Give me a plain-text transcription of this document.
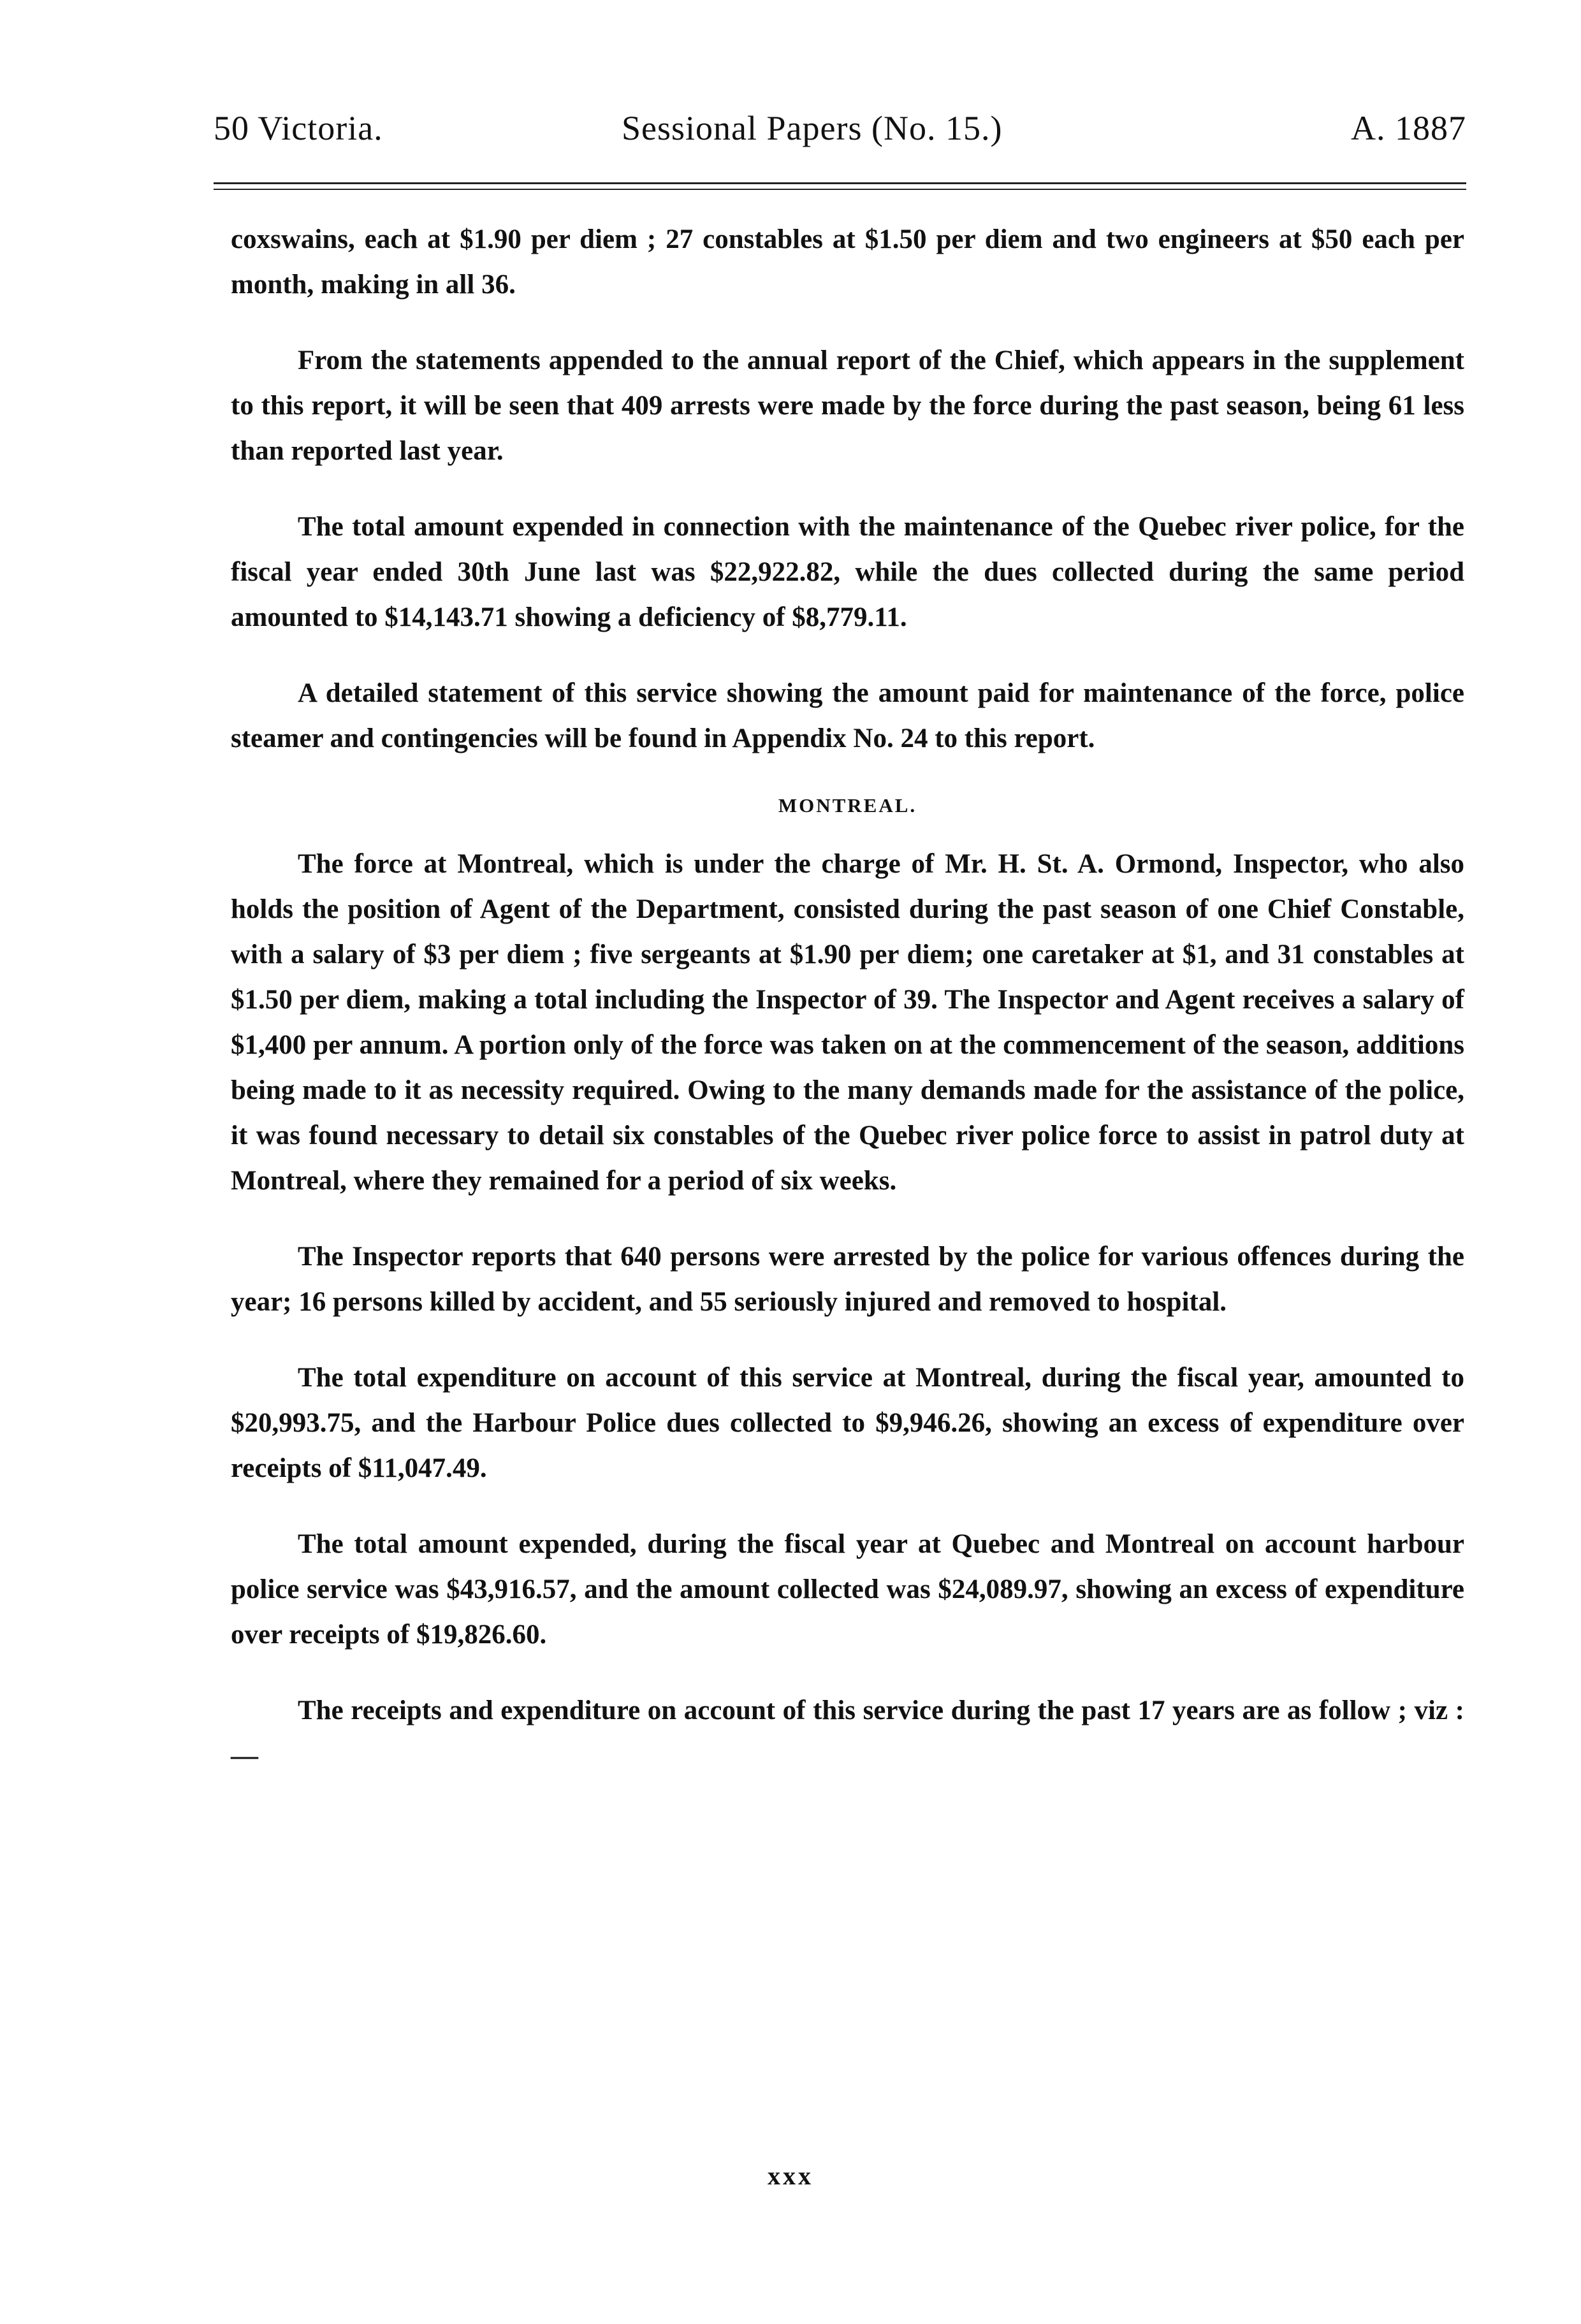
50 Victoria.	Sessional Papers (No. 15.)	A. 1887

coxswains, each at $1.90 per diem ; 27 constables at $1.50 per diem and two engineers at $50 each per month, making in all 36.

From the statements appended to the annual report of the Chief, which appears in the supplement to this report, it will be seen that 409 arrests were made by the force during the past season, being 61 less than reported last year.

The total amount expended in connection with the maintenance of the Quebec river police, for the fiscal year ended 30th June last was $22,922.82, while the dues collected during the same period amounted to $14,143.71 showing a deficiency of $8,779.11.

A detailed statement of this service showing the amount paid for maintenance of the force, police steamer and contingencies will be found in Appendix No. 24 to this report.

MONTREAL.

The force at Montreal, which is under the charge of Mr. H. St. A. Ormond, Inspector, who also holds the position of Agent of the Department, consisted during the past season of one Chief Constable, with a salary of $3 per diem ; five sergeants at $1.90 per diem; one caretaker at $1, and 31 constables at $1.50 per diem, making a total including the Inspector of 39. The Inspector and Agent receives a salary of $1,400 per annum. A portion only of the force was taken on at the commencement of the season, additions being made to it as necessity required. Owing to the many demands made for the assistance of the police, it was found necessary to detail six constables of the Quebec river police force to assist in patrol duty at Montreal, where they remained for a period of six weeks.

The Inspector reports that 640 persons were arrested by the police for various offences during the year; 16 persons killed by accident, and 55 seriously injured and removed to hospital.

The total expenditure on account of this service at Montreal, during the fiscal year, amounted to $20,993.75, and the Harbour Police dues collected to $9,946.26, showing an excess of expenditure over receipts of $11,047.49.

The total amount expended, during the fiscal year at Quebec and Montreal on account harbour police service was $43,916.57, and the amount collected was $24,089.97, showing an excess of expenditure over receipts of $19,826.60.

The receipts and expenditure on account of this service during the past 17 years are as follow ; viz :—

xxx
